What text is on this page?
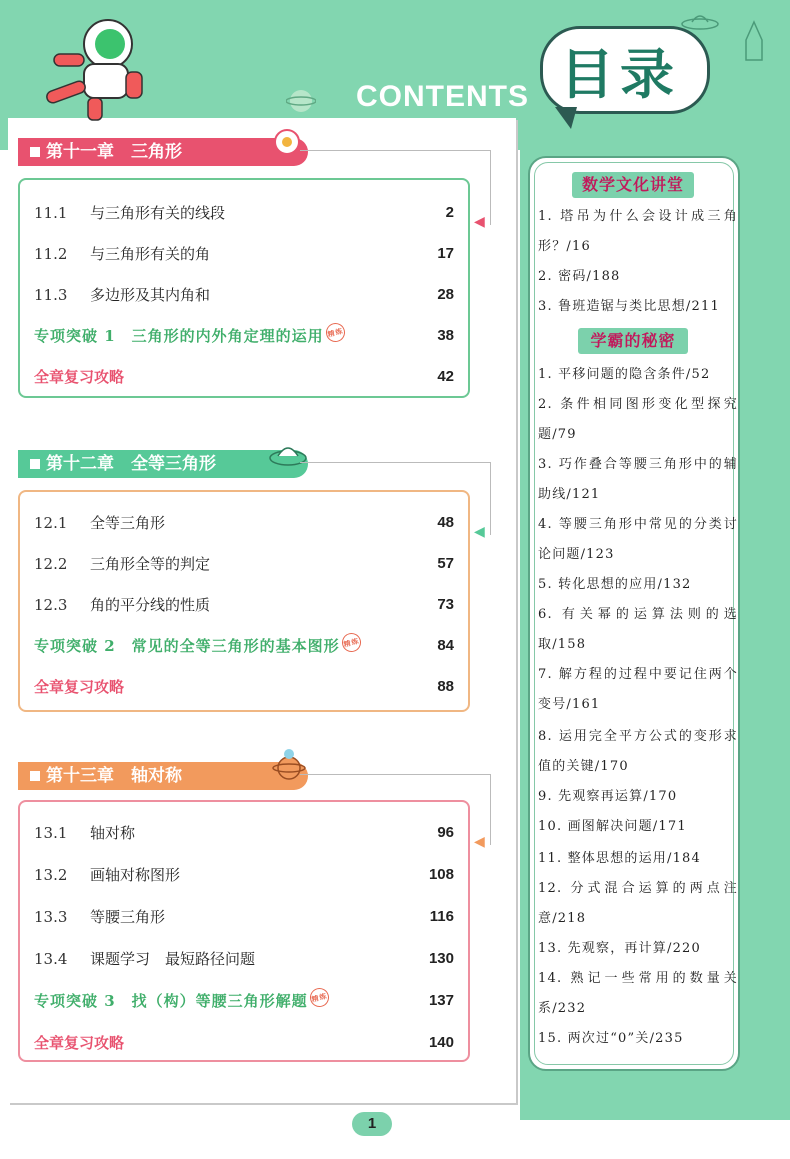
CONTENTS 目录
第十一章　三角形
◀
11.1 与三角形有关的线段	2
11.2 与三角形有关的角	17
11.3 多边形及其内角和	28
专项突破 1　三角形的内外角定理的运用 精练	38
全章复习攻略	42
第十二章　全等三角形
◀
12.1 全等三角形	48
12.2 三角形全等的判定	57
12.3 角的平分线的性质	73
专项突破 2　常见的全等三角形的基本图形 精练	84
全章复习攻略	88
第十三章　轴对称
◀
13.1 轴对称	96
13.2 画轴对称图形	108
13.3 等腰三角形	116
13.4 课题学习　最短路径问题	130
专项突破 3　找（构）等腰三角形解题 精练	137
全章复习攻略	140
数学文化讲堂
1. 塔吊为什么会设计成三角形？/16
2. 密码/188
3. 鲁班造锯与类比思想/211
学霸的秘密
1. 平移问题的隐含条件/52
2. 条件相同图形变化型探究题/79
3. 巧作叠合等腰三角形中的辅助线/121
4. 等腰三角形中常见的分类讨论问题/123
5. 转化思想的应用/132
6. 有关幂的运算法则的选取/158
7. 解方程的过程中要记住两个变号/161
8. 运用完全平方公式的变形求值的关键/170
9. 先观察再运算/170
10. 画图解决问题/171
11. 整体思想的运用/184
12. 分式混合运算的两点注意/218
13. 先观察，再计算/220
14. 熟记一些常用的数量关系/232
15. 两次过“0”关/235
1
